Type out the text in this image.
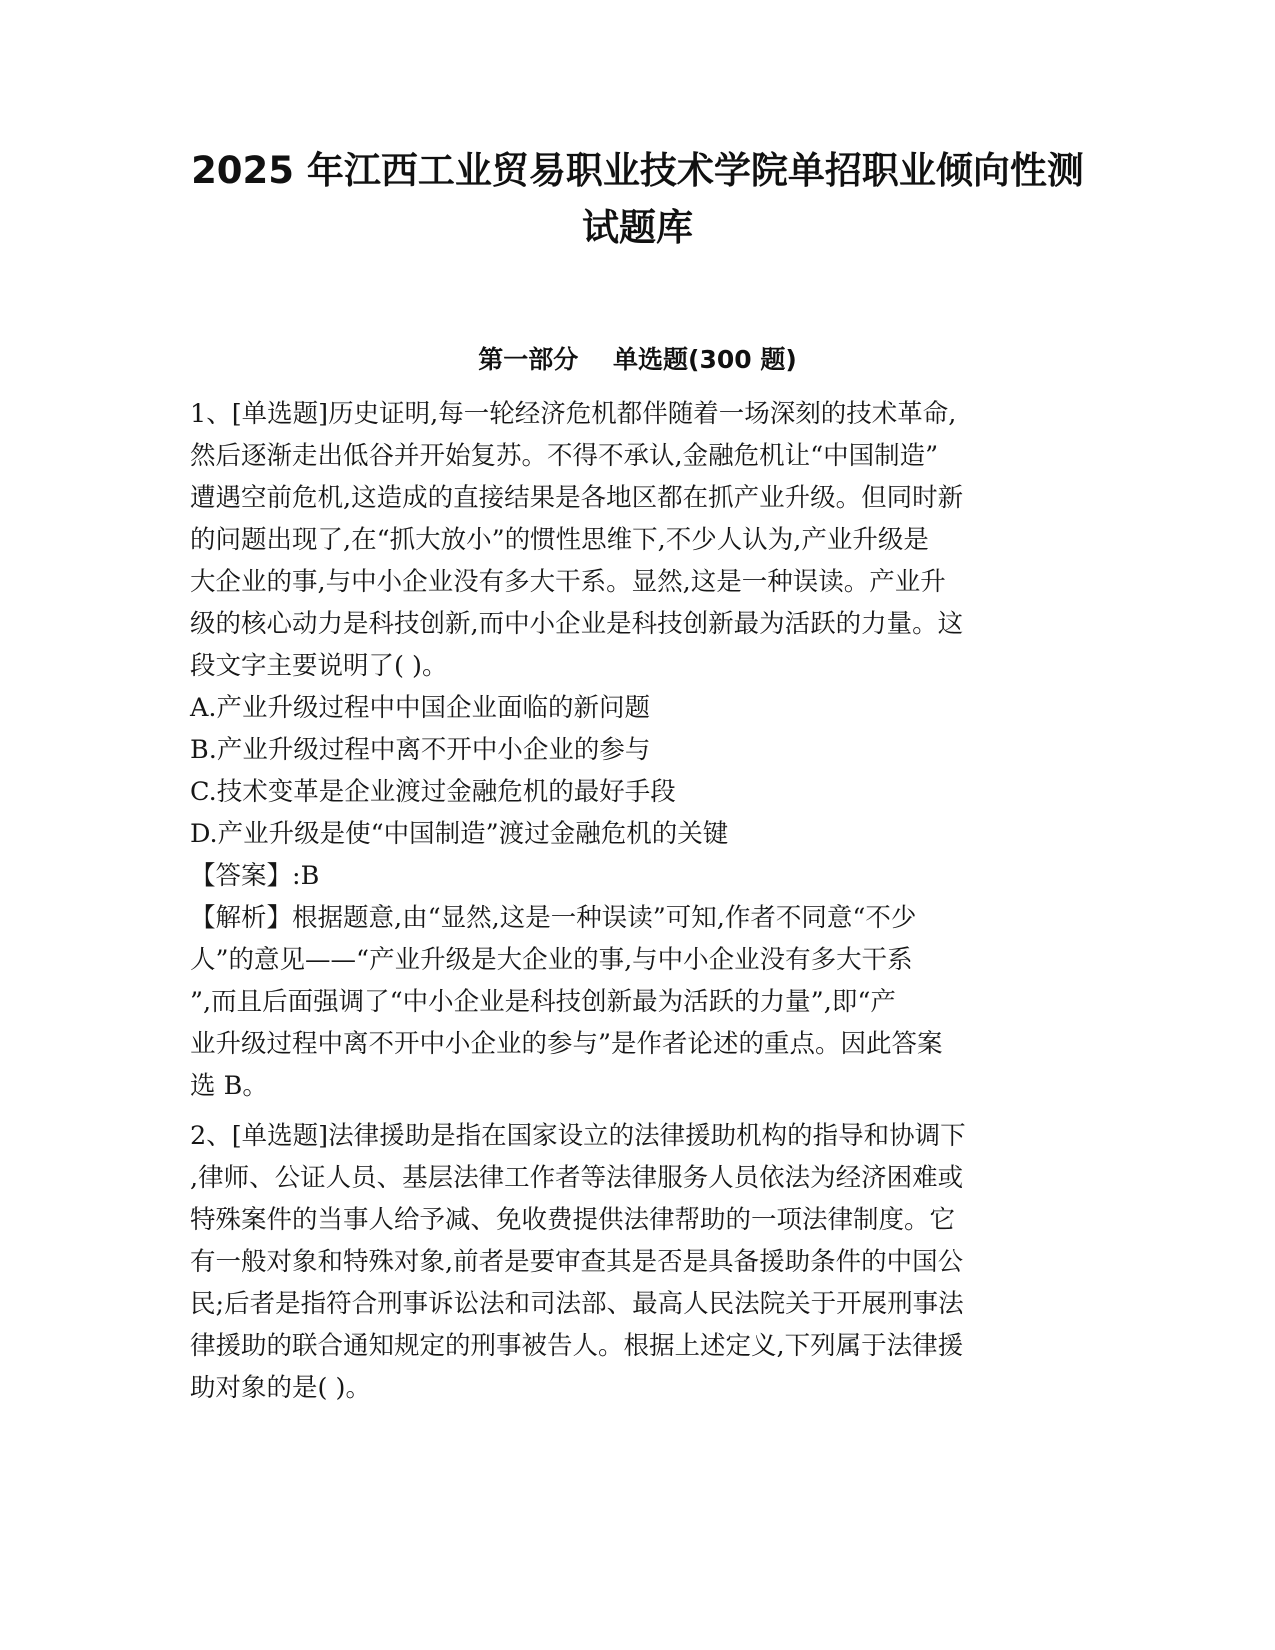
2025 年江西工业贸易职业技术学院单招职业倾向性测
试题库
第一部分    单选题(300 题)
1、[单选题]历史证明,每一轮经济危机都伴随着一场深刻的技术革命,
然后逐渐走出低谷并开始复苏。不得不承认,金融危机让“中国制造”
遭遇空前危机,这造成的直接结果是各地区都在抓产业升级。但同时新
的问题出现了,在“抓大放小”的惯性思维下,不少人认为,产业升级是
大企业的事,与中小企业没有多大干系。显然,这是一种误读。产业升
级的核心动力是科技创新,而中小企业是科技创新最为活跃的力量。这
段文字主要说明了( )。
A.产业升级过程中中国企业面临的新问题
B.产业升级过程中离不开中小企业的参与
C.技术变革是企业渡过金融危机的最好手段
D.产业升级是使“中国制造”渡过金融危机的关键
【答案】:B
【解析】根据题意,由“显然,这是一种误读”可知,作者不同意“不少
人”的意见——“产业升级是大企业的事,与中小企业没有多大干系
”,而且后面强调了“中小企业是科技创新最为活跃的力量”,即“产
业升级过程中离不开中小企业的参与”是作者论述的重点。因此答案
选 B。
2、[单选题]法律援助是指在国家设立的法律援助机构的指导和协调下
,律师、公证人员、基层法律工作者等法律服务人员依法为经济困难或
特殊案件的当事人给予减、免收费提供法律帮助的一项法律制度。它
有一般对象和特殊对象,前者是要审查其是否是具备援助条件的中国公
民;后者是指符合刑事诉讼法和司法部、最高人民法院关于开展刑事法
律援助的联合通知规定的刑事被告人。根据上述定义,下列属于法律援
助对象的是( )。
